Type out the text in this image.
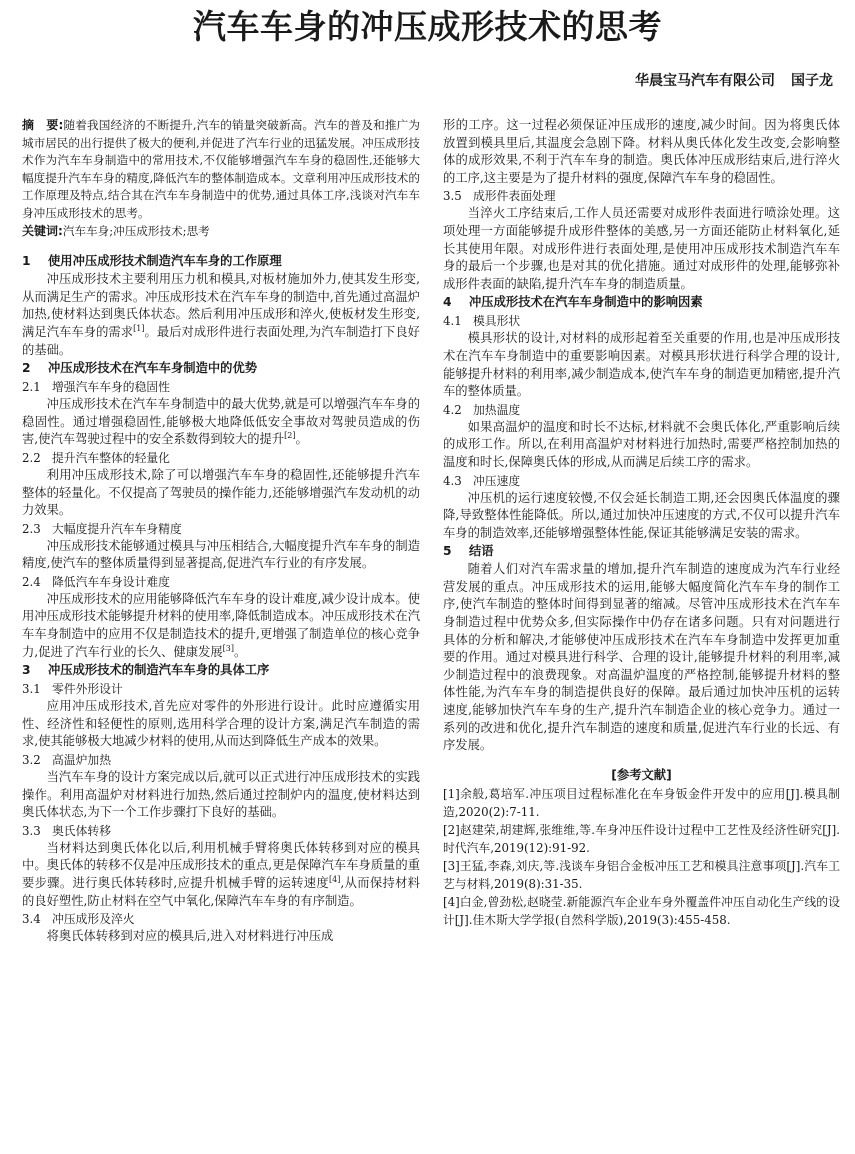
汽车车身的冲压成形技术的思考
华晨宝马汽车有限公司 国子龙

摘　要:随着我国经济的不断提升,汽车的销量突破新高。汽车的普及和推广为城市居民的出行提供了极大的便利,并促进了汽车行业的迅猛发展。冲压成形技术作为汽车车身制造中的常用技术,不仅能够增强汽车车身的稳固性,还能够大幅度提升汽车车身的精度,降低汽车的整体制造成本。文章利用冲压成形技术的工作原理及特点,结合其在汽车车身制造中的优势,通过具体工序,浅谈对汽车车身冲压成形技术的思考。

关键词:汽车车身;冲压成形技术;思考

1 使用冲压成形技术制造汽车车身的工作原理

冲压成形技术主要利用压力机和模具,对板材施加外力,使其发生形变,从而满足生产的需求。冲压成形技术在汽车车身的制造中,首先通过高温炉加热,使材料达到奥氏体状态。然后利用冲压成形和淬火,使板材发生形变,满足汽车车身的需求[1]。最后对成形件进行表面处理,为汽车制造打下良好的基础。

2 冲压成形技术在汽车车身制造中的优势

2.1 增强汽车车身的稳固性

冲压成形技术在汽车车身制造中的最大优势,就是可以增强汽车车身的稳固性。通过增强稳固性,能够极大地降低低安全事故对驾驶员造成的伤害,使汽车驾驶过程中的安全系数得到较大的提升[2]。

2.2 提升汽车整体的轻量化

利用冲压成形技术,除了可以增强汽车车身的稳固性,还能够提升汽车整体的轻量化。不仅提高了驾驶员的操作能力,还能够增强汽车发动机的动力效果。

2.3 大幅度提升汽车车身精度

冲压成形技术能够通过模具与冲压相结合,大幅度提升汽车车身的制造精度,使汽车的整体质量得到显著提高,促进汽车行业的有序发展。

2.4 降低汽车车身设计难度

冲压成形技术的应用能够降低汽车车身的设计难度,减少设计成本。使用冲压成形技术能够提升材料的使用率,降低制造成本。冲压成形技术在汽车车身制造中的应用不仅是制造技术的提升,更增强了制造单位的核心竞争力,促进了汽车行业的长久、健康发展[3]。

3 冲压成形技术的制造汽车车身的具体工序

3.1 零件外形设计

应用冲压成形技术,首先应对零件的外形进行设计。此时应遵循实用性、经济性和轻便性的原则,选用科学合理的设计方案,满足汽车制造的需求,使其能够极大地减少材料的使用,从而达到降低生产成本的效果。

3.2 高温炉加热

当汽车车身的设计方案完成以后,就可以正式进行冲压成形技术的实践操作。利用高温炉对材料进行加热,然后通过控制炉内的温度,使材料达到奥氏体状态,为下一个工作步骤打下良好的基础。

3.3 奥氏体转移

当材料达到奥氏体化以后,利用机械手臂将奥氏体转移到对应的模具中。奥氏体的转移不仅是冲压成形技术的重点,更是保障汽车车身质量的重要步骤。进行奥氏体转移时,应提升机械手臂的运转速度[4],从而保持材料的良好塑性,防止材料在空气中氧化,保障汽车车身的有序制造。

3.4 冲压成形及淬火

将奥氏体转移到对应的模具后,进入对材料进行冲压成

形的工序。这一过程必须保证冲压成形的速度,减少时间。因为将奥氏体放置到模具里后,其温度会急剧下降。材料从奥氏体化发生改变,会影响整体的成形效果,不利于汽车车身的制造。奥氏体冲压成形结束后,进行淬火的工序,这主要是为了提升材料的强度,保障汽车车身的稳固性。

3.5 成形件表面处理

当淬火工序结束后,工作人员还需要对成形件表面进行喷涂处理。这项处理一方面能够提升成形件整体的美感,另一方面还能防止材料氧化,延长其使用年限。对成形件进行表面处理,是使用冲压成形技术制造汽车车身的最后一个步骤,也是对其的优化措施。通过对成形件的处理,能够弥补成形件表面的缺陷,提升汽车车身的制造质量。

4 冲压成形技术在汽车车身制造中的影响因素

4.1 模具形状

模具形状的设计,对材料的成形起着至关重要的作用,也是冲压成形技术在汽车车身制造中的重要影响因素。对模具形状进行科学合理的设计,能够提升材料的利用率,减少制造成本,使汽车车身的制造更加精密,提升汽车的整体质量。

4.2 加热温度

如果高温炉的温度和时长不达标,材料就不会奥氏体化,严重影响后续的成形工作。所以,在利用高温炉对材料进行加热时,需要严格控制加热的温度和时长,保障奥氏体的形成,从而满足后续工序的需求。

4.3 冲压速度

冲压机的运行速度较慢,不仅会延长制造工期,还会因奥氏体温度的骤降,导致整体性能降低。所以,通过加快冲压速度的方式,不仅可以提升汽车车身的制造效率,还能够增强整体性能,保证其能够满足安装的需求。

5 结语

随着人们对汽车需求量的增加,提升汽车制造的速度成为汽车行业经营发展的重点。冲压成形技术的运用,能够大幅度简化汽车车身的制作工序,使汽车制造的整体时间得到显著的缩减。尽管冲压成形技术在汽车车身制造过程中优势众多,但实际操作中仍存在诸多问题。只有对问题进行具体的分析和解决,才能够使冲压成形技术在汽车车身制造中发挥更加重要的作用。通过对模具进行科学、合理的设计,能够提升材料的利用率,减少制造过程中的浪费现象。对高温炉温度的严格控制,能够提升材料的整体性能,为汽车车身的制造提供良好的保障。最后通过加快冲压机的运转速度,能够加快汽车车身的生产,提升汽车制造企业的核心竞争力。通过一系列的改进和优化,提升汽车制造的速度和质量,促进汽车行业的长远、有序发展。

[参考文献]

[1]余般,葛培军.冲压项目过程标准化在车身钣金件开发中的应用[J].模具制造,2020(2):7-11.

[2]赵建荣,胡建辉,张维维,等.车身冲压件设计过程中工艺性及经济性研究[J].时代汽车,2019(12):91-92.

[3]王猛,李森,刘庆,等.浅谈车身铝合金板冲压工艺和模具注意事项[J].汽车工艺与材料,2019(8):31-35.

[4]白金,曾劲松,赵晓莹.新能源汽车企业车身外覆盖件冲压自动化生产线的设计[J].佳木斯大学学报(自然科学版),2019(3):455-458.
